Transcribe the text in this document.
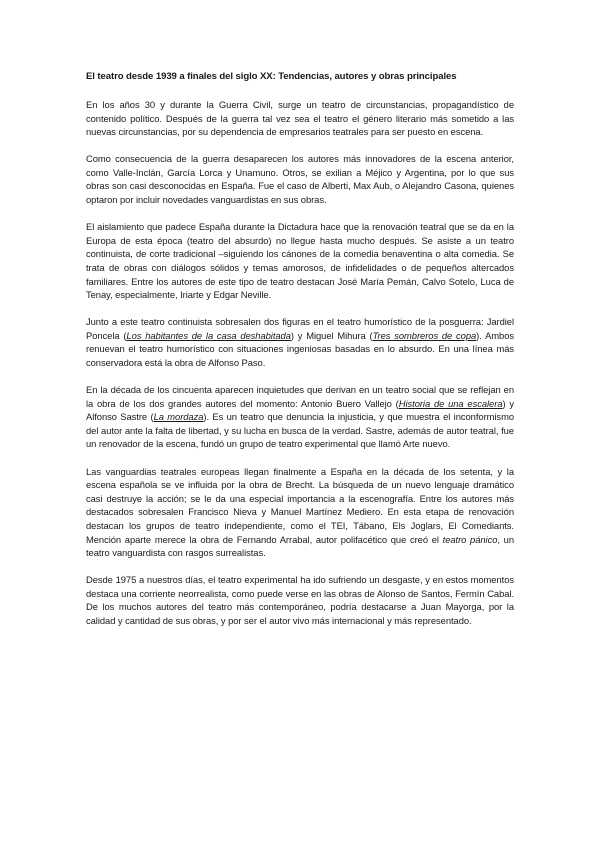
El teatro desde 1939 a finales del siglo XX: Tendencias, autores y obras principales

En los años 30 y durante la Guerra Civil, surge un teatro de circunstancias, propagandístico de contenido político. Después de la guerra tal vez sea el teatro el género literario más sometido a las nuevas circunstancias, por su dependencia de empresarios teatrales para ser puesto en escena.

Como consecuencia de la guerra desaparecen los autores más innovadores de la escena anterior, como Valle-Inclán, García Lorca y Unamuno. Otros, se exilian a Méjico y Argentina, por lo que sus obras son casi desconocidas en España. Fue el caso de Alberti, Max Aub, o Alejandro Casona, quienes optaron por incluir novedades vanguardistas en sus obras.

El aislamiento que padece España durante la Dictadura hace que la renovación teatral que se da en la Europa de esta época (teatro del absurdo) no llegue hasta mucho después. Se asiste a un teatro continuista, de corte tradicional –siguiendo los cánones de la comedia benaventina o alta comedia. Se trata de obras con diálogos sólidos y temas amorosos, de infidelidades o de pequeños altercados familiares. Entre los autores de este tipo de teatro destacan José María Pemán, Calvo Sotelo, Luca de Tenay, especialmente, Iriarte y Edgar Neville.

Junto a este teatro continuista sobresalen dos figuras en el teatro humorístico de la posguerra: Jardiel Poncela (Los habitantes de la casa deshabitada) y Miguel Mihura (Tres sombreros de copa). Ambos renuevan el teatro humorístico con situaciones ingeniosas basadas en lo absurdo. En una línea más conservadora está la obra de Alfonso Paso.

En la década de los cincuenta aparecen inquietudes que derivan en un teatro social que se reflejan en la obra de los dos grandes autores del momento: Antonio Buero Vallejo (Historia de una escalera) y Alfonso Sastre (La mordaza). Es un teatro que denuncia la injusticia, y que muestra el inconformismo del autor ante la falta de libertad, y su lucha en busca de la verdad. Sastre, además de autor teatral, fue un renovador de la escena, fundó un grupo de teatro experimental que llamó Arte nuevo.

Las vanguardias teatrales europeas llegan finalmente a España en la década de los setenta, y la escena española se ve influida por la obra de Brecht. La búsqueda de un nuevo lenguaje dramático casi destruye la acción; se le da una especial importancia a la escenografía. Entre los autores más destacados sobresalen Francisco Nieva y Manuel Martínez Mediero. En esta etapa de renovación destacan los grupos de teatro independiente, como el TEI, Tábano, Els Joglars, El Comediants. Mención aparte merece la obra de Fernando Arrabal, autor polifacético que creó el teatro pánico, un teatro vanguardista con rasgos surrealistas.

Desde 1975 a nuestros días, el teatro experimental ha ido sufriendo un desgaste, y en estos momentos destaca una corriente neorrealista, como puede verse en las obras de Alonso de Santos, Fermín Cabal. De los muchos autores del teatro más contemporáneo, podría destacarse a Juan Mayorga, por la calidad y cantidad de sus obras, y por ser el autor vivo más internacional y más representado.
